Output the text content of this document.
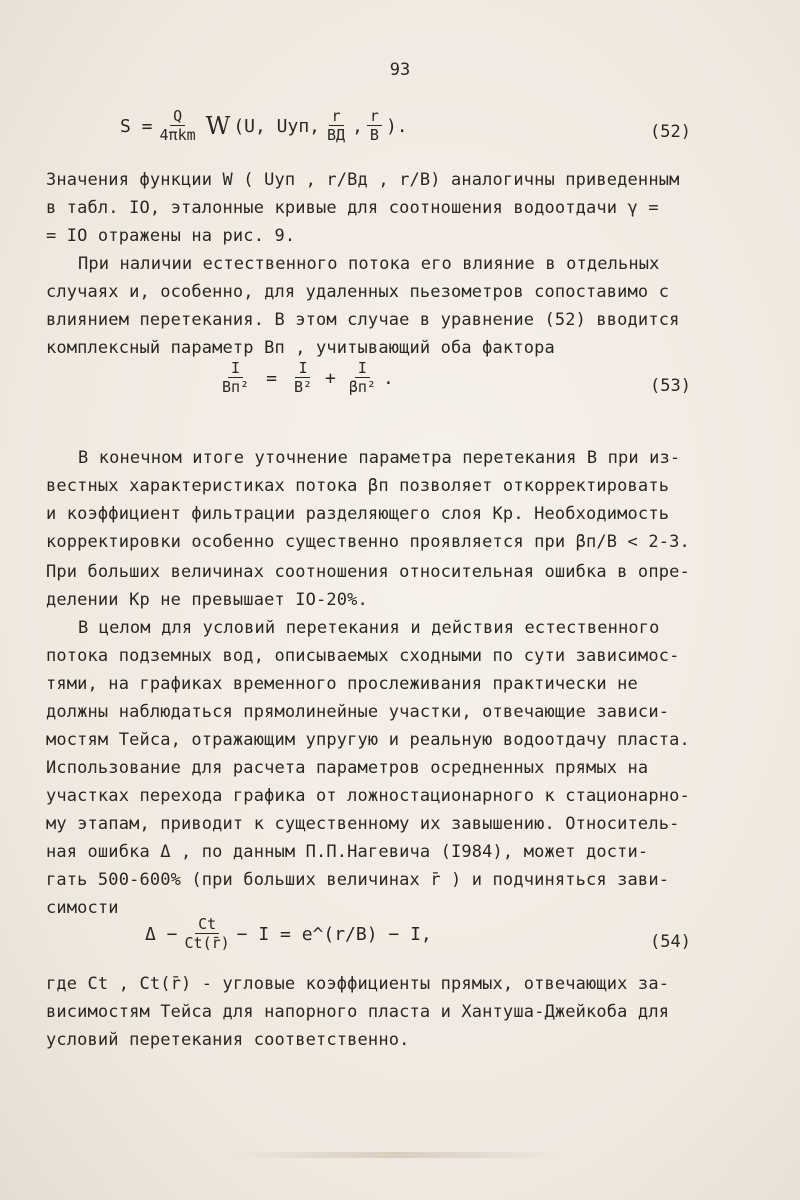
93
$S = \frac{Q}{\text{4πkm}}$ W (U, Uуп, $\frac{r}{BД}$ , $\frac{r}{B}$ ).	(52)
Значения функции W ( Uуп , r/Bд , r/B) аналогичны приведенным
в табл. IO, эталонные кривые для соотношения водоотдачи γ =
= IO отражены на рис. 9.
При наличии естественного потока его влияние в отдельных
случаях и, особенно, для удаленных пьезометров сопоставимо с
влиянием перетекания. В этом случае в уравнение (52) вводится
комплексный параметр Bп , учитывающий оба фактора
$\frac{I}{\text{Bп²}} = \frac{I}{\text{B²}} + \frac{I}{\text{βп²}}$ .	(53)
В конечном итоге уточнение параметра перетекания B при из-
вестных характеристиках потока βп позволяет откорректировать
и коэффициент фильтрации разделяющего слоя Kр. Необходимость
корректировки особенно существенно проявляется при βп/B < 2-3.
При больших величинах соотношения относительная ошибка в опре-
делении Kр не превышает IO-20%.
В целом для условий перетекания и действия естественного
потока подземных вод, описываемых сходными по сути зависимос-
тями, на графиках временного прослеживания практически не
должны наблюдаться прямолинейные участки, отвечающие зависи-
мостям Тейса, отражающим упругую и реальную водоотдачу пласта.
Использование для расчета параметров осредненных прямых на
участках перехода графика от ложностационарного к стационарно-
му этапам, приводит к существенному их завышению. Относитель-
ная ошибка Δ , по данным П.П.Нагевича (I984), может дости-
гать 500-600% (при больших величинах r̄ ) и подчиняться зави-
симости
$\Delta - \frac{Ct}{Ct(r̄)} - I$ = e^(r/B) − I,	(54)
где Ct , Ct(r̄) - угловые коэффициенты прямых, отвечающих за-
висимостям Тейса для напорного пласта и Хантуша-Джейкоба для
условий перетекания соответственно.
